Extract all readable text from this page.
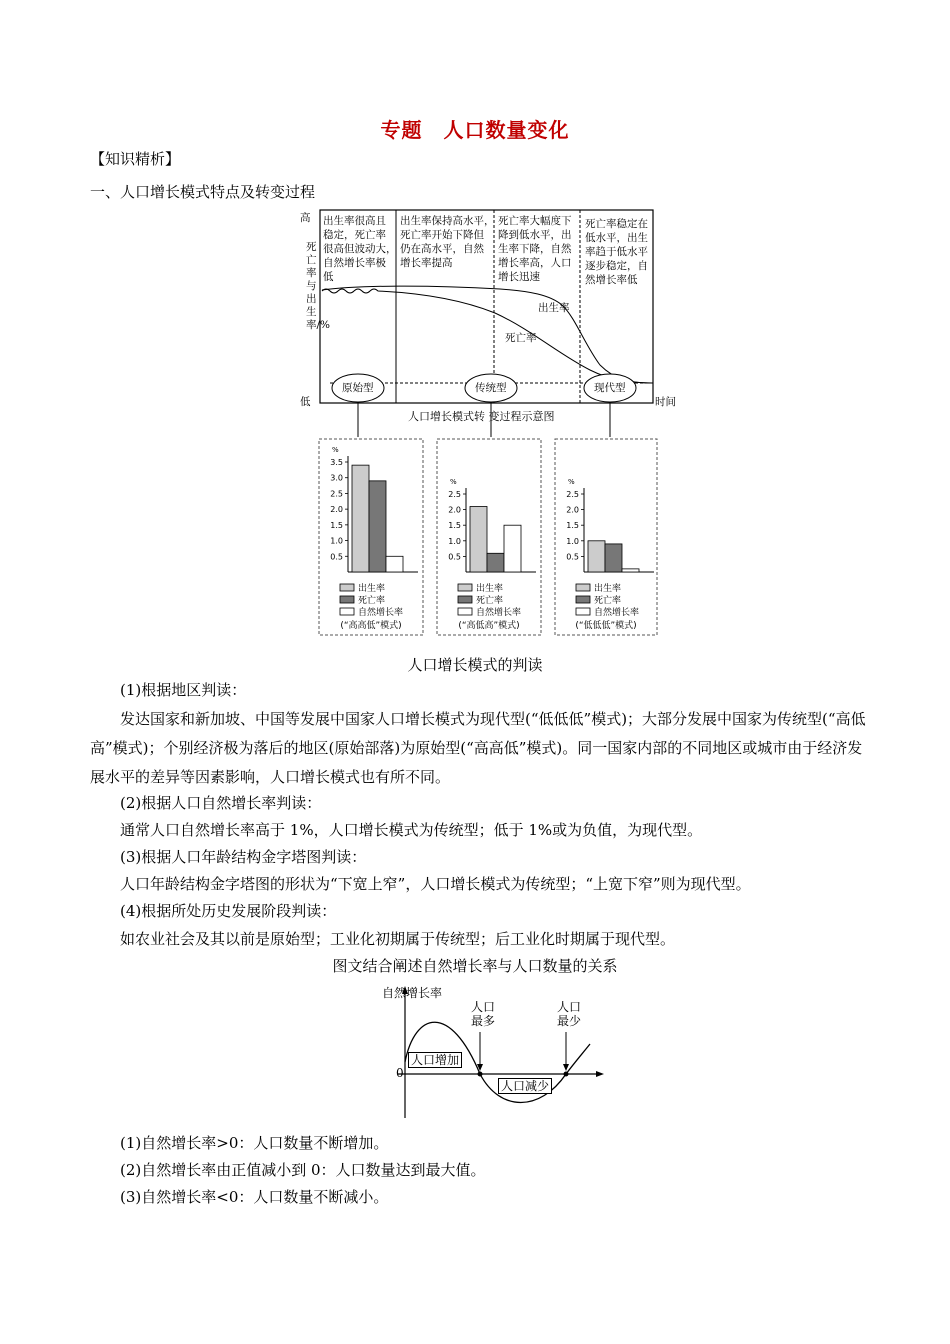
专题　人口数量变化
【知识精析】
一、人口增长模式特点及转变过程
高
低
死亡率与出生率/%
时间
出生率很高且
稳定，死亡率
很高但波动大，
自然增长率极
低
出生率保持高水平，
死亡率开始下降但
仍在高水平，自然
增长率提高
死亡率大幅度下
降到低水平，出
生率下降，自然
增长率高，人口
增长迅速
死亡率稳定在
低水平，出生
率趋于低水平
逐步稳定，自
然增长率低
出生率
死亡率
原始型	传统型	现代型
人口增长模式转 变过程示意图
%
0.5
1.0
1.5
2.0
2.5
3.0
3.5
出生率
死亡率
自然增长率
(“高高低”模式)
%
0.5
1.0
1.5
2.0
2.5
出生率
死亡率
自然增长率
(“高低高”模式)
%
0.5
1.0
1.5
2.0
2.5
出生率
死亡率
自然增长率
(“低低低”模式)
人口增长模式的判读
(1)根据地区判读：
发达国家和新加坡、中国等发展中国家人口增长模式为现代型(“低低低”模式)；大部分发展中国家为传统型(“高低高”模式)；个别经济极为落后的地区(原始部落)为原始型(“高高低”模式)。同一国家内部的不同地区或城市由于经济发展水平的差异等因素影响，人口增长模式也有所不同。
(2)根据人口自然增长率判读：
通常人口自然增长率高于 1%，人口增长模式为传统型；低于 1%或为负值，为现代型。
(3)根据人口年龄结构金字塔图判读：
人口年龄结构金字塔图的形状为“下宽上窄”，人口增长模式为传统型；“上宽下窄”则为现代型。
(4)根据所处历史发展阶段判读：
如农业社会及其以前是原始型；工业化初期属于传统型；后工业化时期属于现代型。
图文结合阐述自然增长率与人口数量的关系
自然增长率
0
人口增加
人口减少
人口
最多
人口
最少
(1)自然增长率>0：人口数量不断增加。
(2)自然增长率由正值减小到 0：人口数量达到最大值。
(3)自然增长率<0：人口数量不断减小。
